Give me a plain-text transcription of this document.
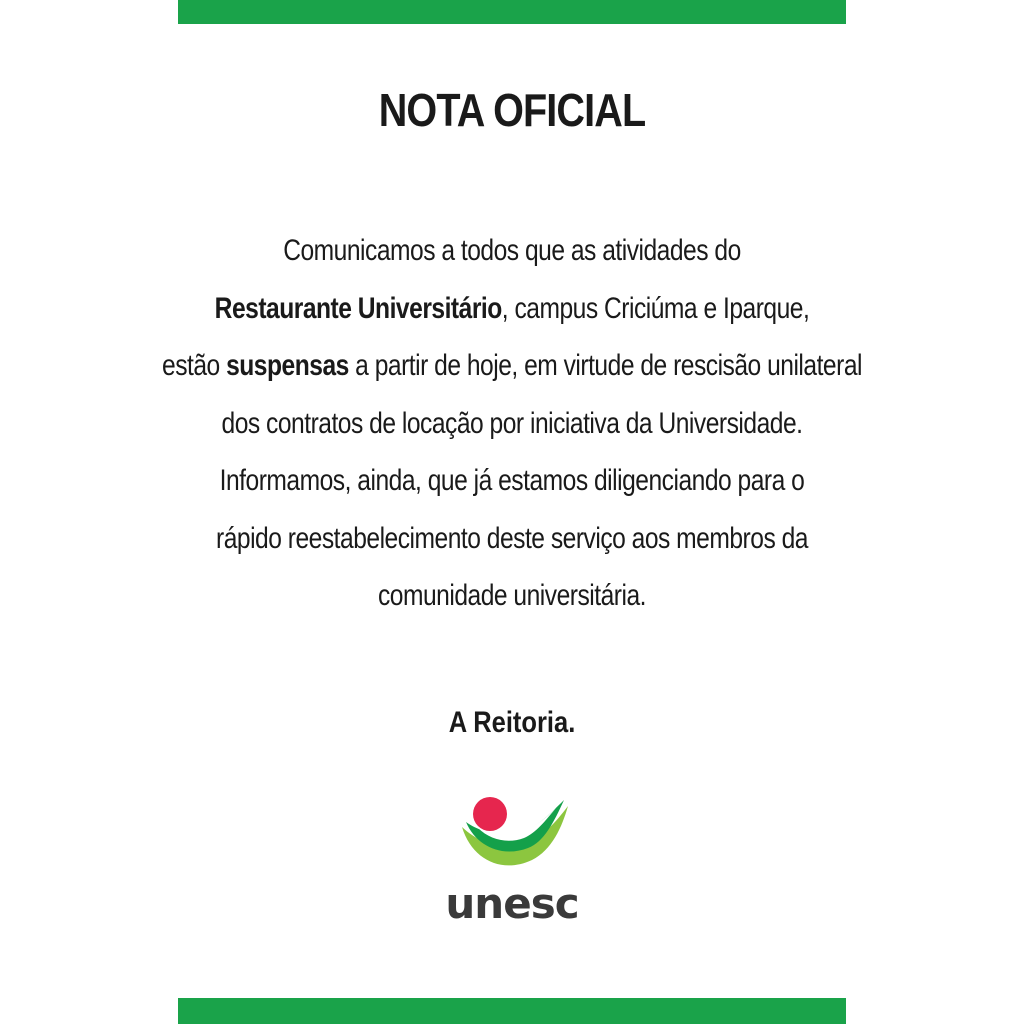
NOTA OFICIAL
Comunicamos a todos que as atividades do
Restaurante Universitário, campus Criciúma e Iparque,
estão suspensas a partir de hoje, em virtude de rescisão unilateral
dos contratos de locação por iniciativa da Universidade.
Informamos, ainda, que já estamos diligenciando para o
rápido reestabelecimento deste serviço aos membros da
comunidade universitária.
A Reitoria.
unesc
